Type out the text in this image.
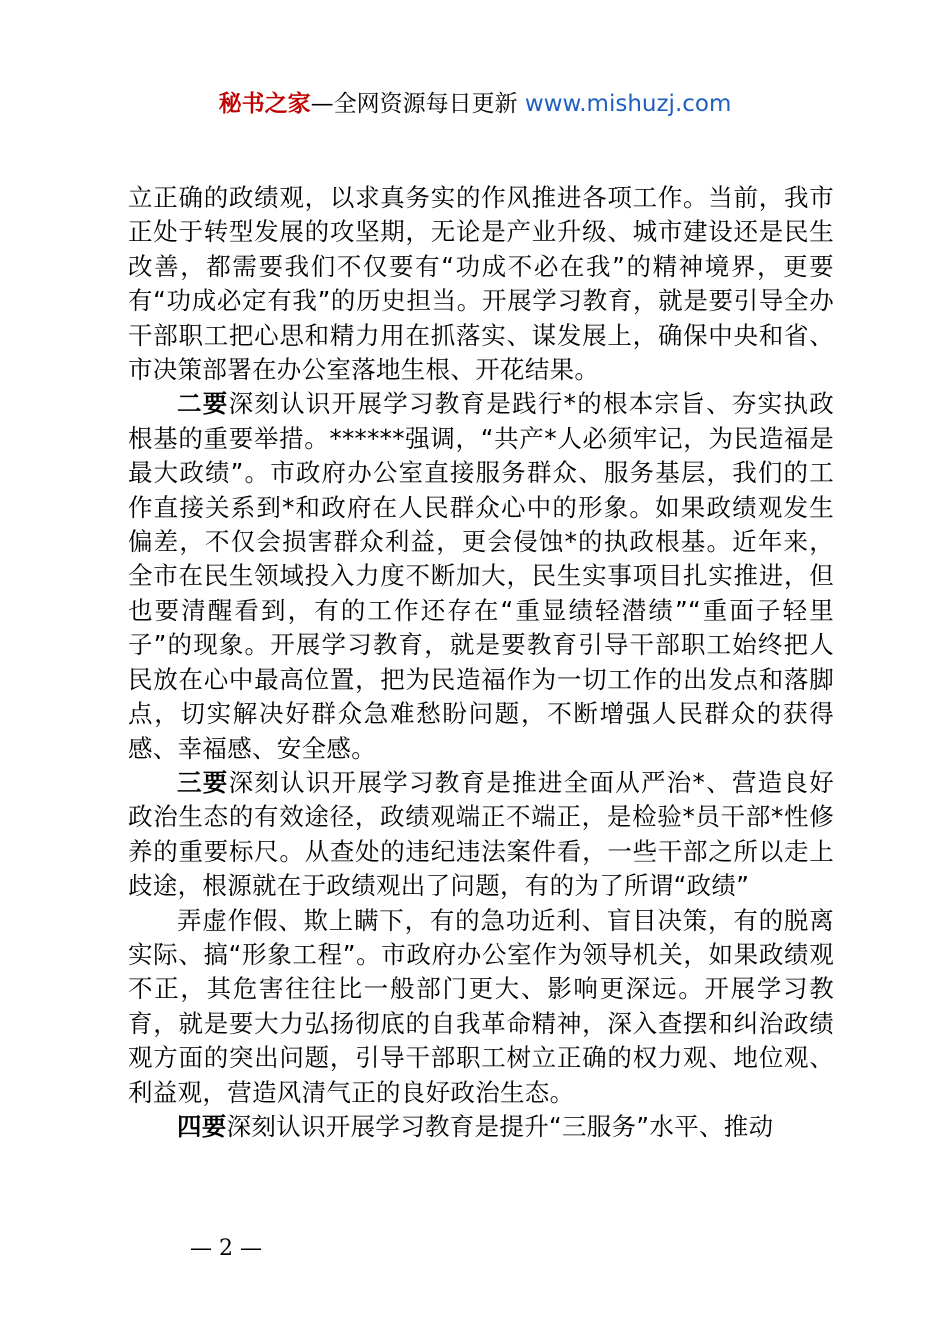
秘书之家—全网资源每日更新 www.mishuzj.com

立正确的政绩观，以求真务实的作风推进各项工作。当前，我市正处于转型发展的攻坚期，无论是产业升级、城市建设还是民生改善，都需要我们不仅要有“功成不必在我”的精神境界，更要有“功成必定有我”的历史担当。开展学习教育，就是要引导全办干部职工把心思和精力用在抓落实、谋发展上，确保中央和省、市决策部署在办公室落地生根、开花结果。

二要深刻认识开展学习教育是践行*的根本宗旨、夯实执政根基的重要举措。******强调，“共产*人必须牢记，为民造福是最大政绩”。市政府办公室直接服务群众、服务基层，我们的工作直接关系到*和政府在人民群众心中的形象。如果政绩观发生偏差，不仅会损害群众利益，更会侵蚀*的执政根基。近年来，全市在民生领域投入力度不断加大，民生实事项目扎实推进，但也要清醒看到，有的工作还存在“重显绩轻潜绩”“重面子轻里子”的现象。开展学习教育，就是要教育引导干部职工始终把人民放在心中最高位置，把为民造福作为一切工作的出发点和落脚点，切实解决好群众急难愁盼问题，不断增强人民群众的获得感、幸福感、安全感。

三要深刻认识开展学习教育是推进全面从严治*、营造良好政治生态的有效途径，政绩观端正不端正，是检验*员干部*性修养的重要标尺。从查处的违纪违法案件看，一些干部之所以走上歧途，根源就在于政绩观出了问题，有的为了所谓“政绩”

弄虚作假、欺上瞒下，有的急功近利、盲目决策，有的脱离实际、搞“形象工程”。市政府办公室作为领导机关，如果政绩观不正，其危害往往比一般部门更大、影响更深远。开展学习教育，就是要大力弘扬彻底的自我革命精神，深入查摆和纠治政绩观方面的突出问题，引导干部职工树立正确的权力观、地位观、利益观，营造风清气正的良好政治生态。

四要深刻认识开展学习教育是提升“三服务”水平、推动

— 2 —
